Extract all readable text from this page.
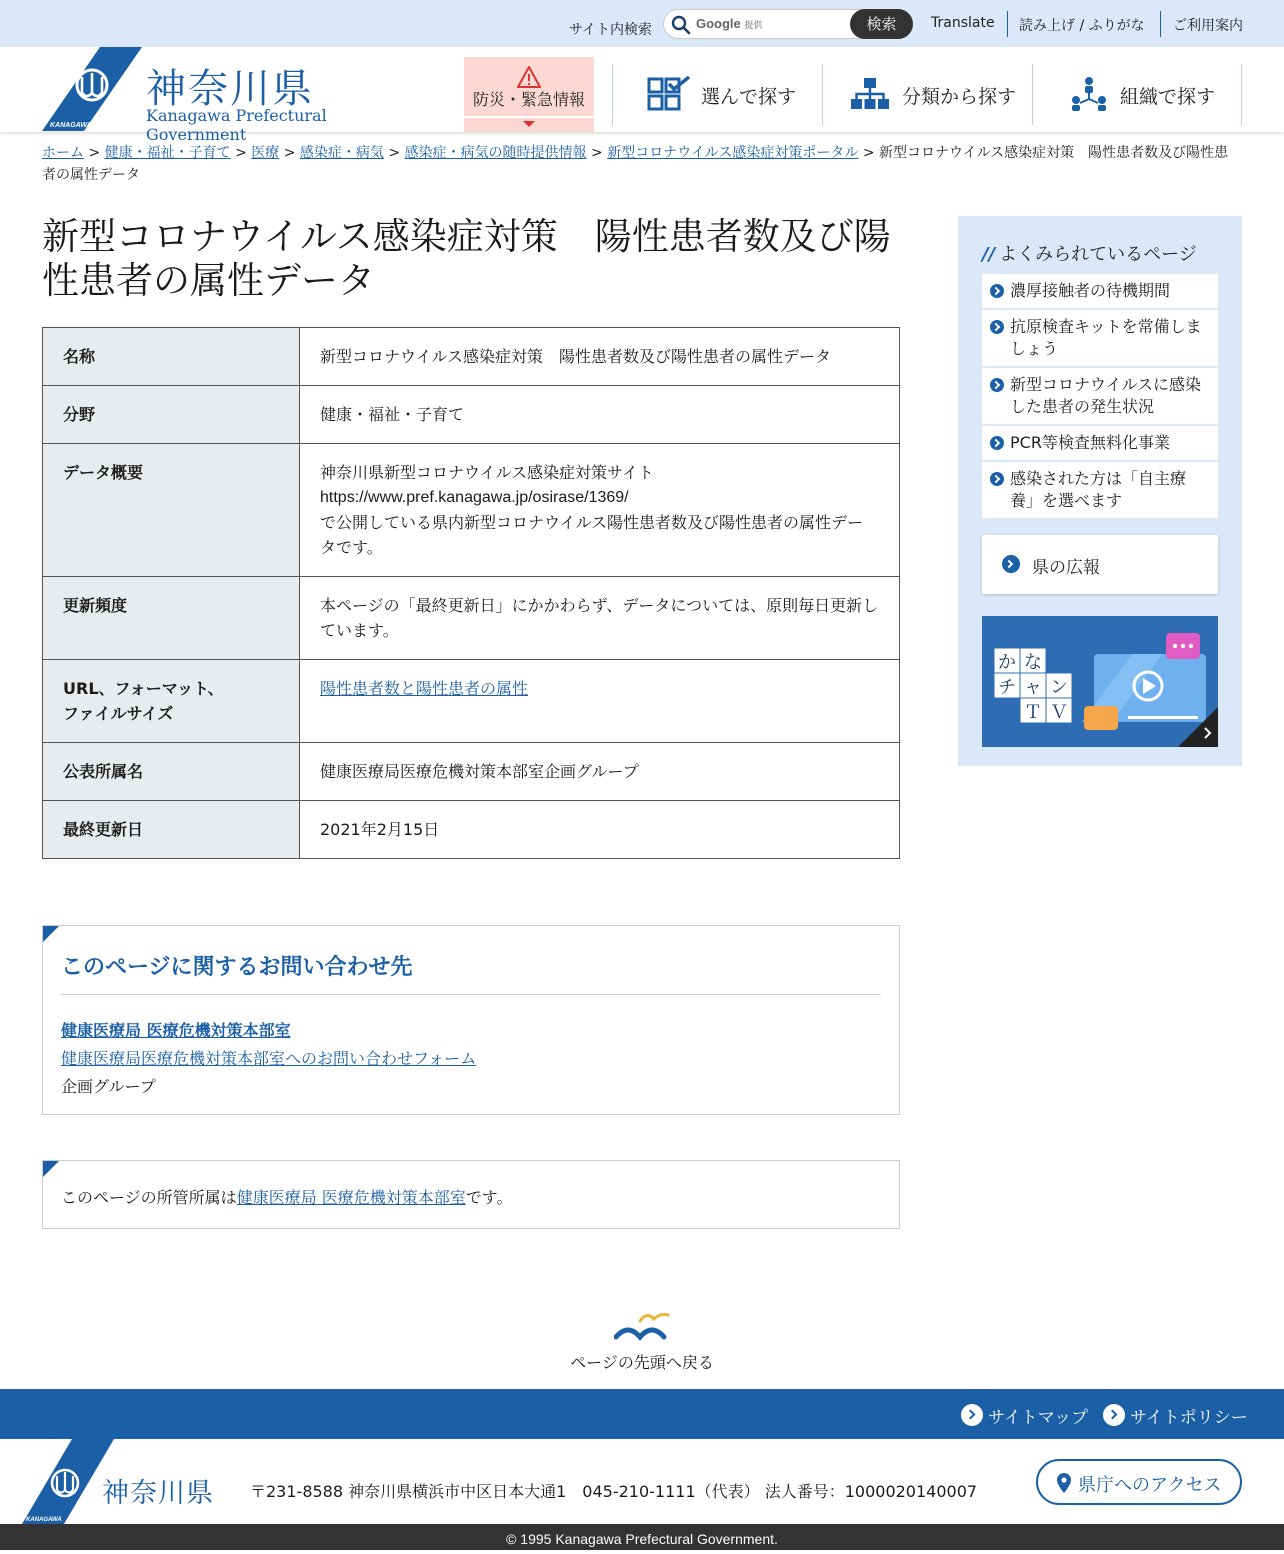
サイト内検索	Google 提供	検索	Translate 読み上げ / ふりがな ご利用案内
KANAGAWA
神奈川県
Kanagawa Prefectural Government
防災・緊急情報	選んで探す	分類から探す	組織で探す
ホーム > 健康・福祉・子育て > 医療 > 感染症・病気 > 感染症・病気の随時提供情報 > 新型コロナウイルス感染症対策ポータル > 新型コロナウイルス感染症対策　陽性患者数及び陽性患者の属性データ
新型コロナウイルス感染症対策　陽性患者数及び陽性患者の属性データ
名称	新型コロナウイルス感染症対策　陽性患者数及び陽性患者の属性データ
分野	健康・福祉・子育て
データ概要	神奈川県新型コロナウイルス感染症対策サイト
https://www.pref.kanagawa.jp/osirase/1369/
で公開している県内新型コロナウイルス陽性患者数及び陽性患者の属性データです。

更新頻度	本ページの「最終更新日」にかかわらず、データについては、原則毎日更新しています。

URL、フォーマット、
ファイルサイズ	陽性患者数と陽性患者の属性
公表所属名	健康医療局医療危機対策本部室企画グループ
最終更新日	2021年2月15日
このページに関するお問い合わせ先
健康医療局 医療危機対策本部室
健康医療局医療危機対策本部室へのお問い合わせフォーム
企画グループ
このページの所管所属は健康医療局 医療危機対策本部室です。
// よくみられているページ
濃厚接触者の待機期間
抗原検査キットを常備しましょう
新型コロナウイルスに感染した患者の発生状況
PCR等検査無料化事業
感染された方は「自主療養」を選べます
県の広報
か な
チ ャ ン
Ｔ Ｖ
ページの先頭へ戻る
サイトマップ サイトポリシー
KANAGAWA
神奈川県 〒231-8588 神奈川県横浜市中区日本大通1　045-210-1111（代表） 法人番号：1000020140007	県庁へのアクセス
© 1995 Kanagawa Prefectural Government.
